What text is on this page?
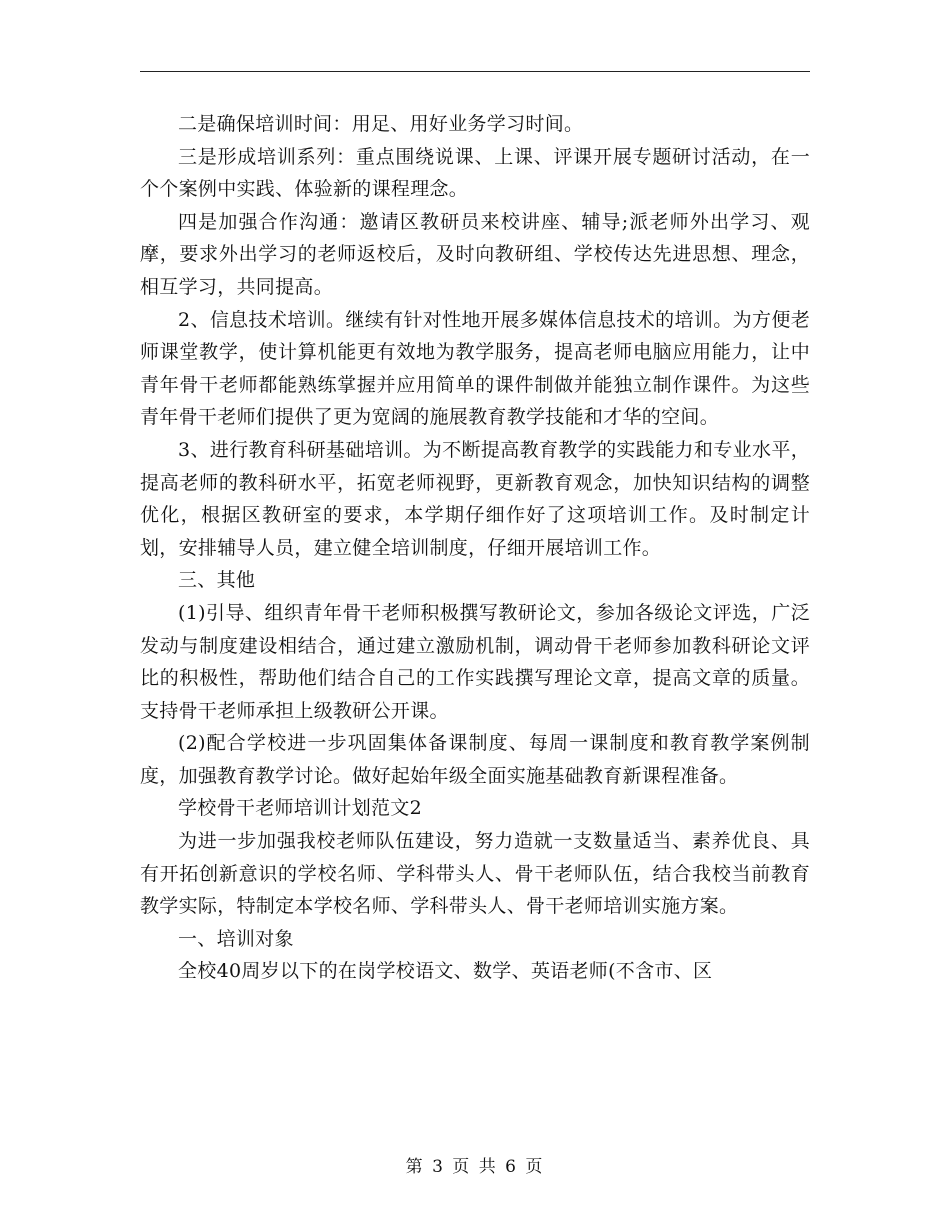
二是确保培训时间：用足、用好业务学习时间。

三是形成培训系列：重点围绕说课、上课、评课开展专题研讨活动，在一个个案例中实践、体验新的课程理念。

四是加强合作沟通：邀请区教研员来校讲座、辅导;派老师外出学习、观摩，要求外出学习的老师返校后，及时向教研组、学校传达先进思想、理念，相互学习，共同提高。

2、信息技术培训。继续有针对性地开展多媒体信息技术的培训。为方便老师课堂教学，使计算机能更有效地为教学服务，提高老师电脑应用能力，让中青年骨干老师都能熟练掌握并应用简单的课件制做并能独立制作课件。为这些青年骨干老师们提供了更为宽阔的施展教育教学技能和才华的空间。

3、进行教育科研基础培训。为不断提高教育教学的实践能力和专业水平，提高老师的教科研水平，拓宽老师视野，更新教育观念，加快知识结构的调整优化，根据区教研室的要求，本学期仔细作好了这项培训工作。及时制定计划，安排辅导人员，建立健全培训制度，仔细开展培训工作。

三、其他

(1)引导、组织青年骨干老师积极撰写教研论文，参加各级论文评选，广泛发动与制度建设相结合，通过建立激励机制，调动骨干老师参加教科研论文评比的积极性，帮助他们结合自己的工作实践撰写理论文章，提高文章的质量。支持骨干老师承担上级教研公开课。

(2)配合学校进一步巩固集体备课制度、每周一课制度和教育教学案例制度，加强教育教学讨论。做好起始年级全面实施基础教育新课程准备。

学校骨干老师培训计划范文2

为进一步加强我校老师队伍建设，努力造就一支数量适当、素养优良、具有开拓创新意识的学校名师、学科带头人、骨干老师队伍，结合我校当前教育教学实际，特制定本学校名师、学科带头人、骨干老师培训实施方案。

一、培训对象

全校40周岁以下的在岗学校语文、数学、英语老师(不含市、区

第 3 页 共 6 页
